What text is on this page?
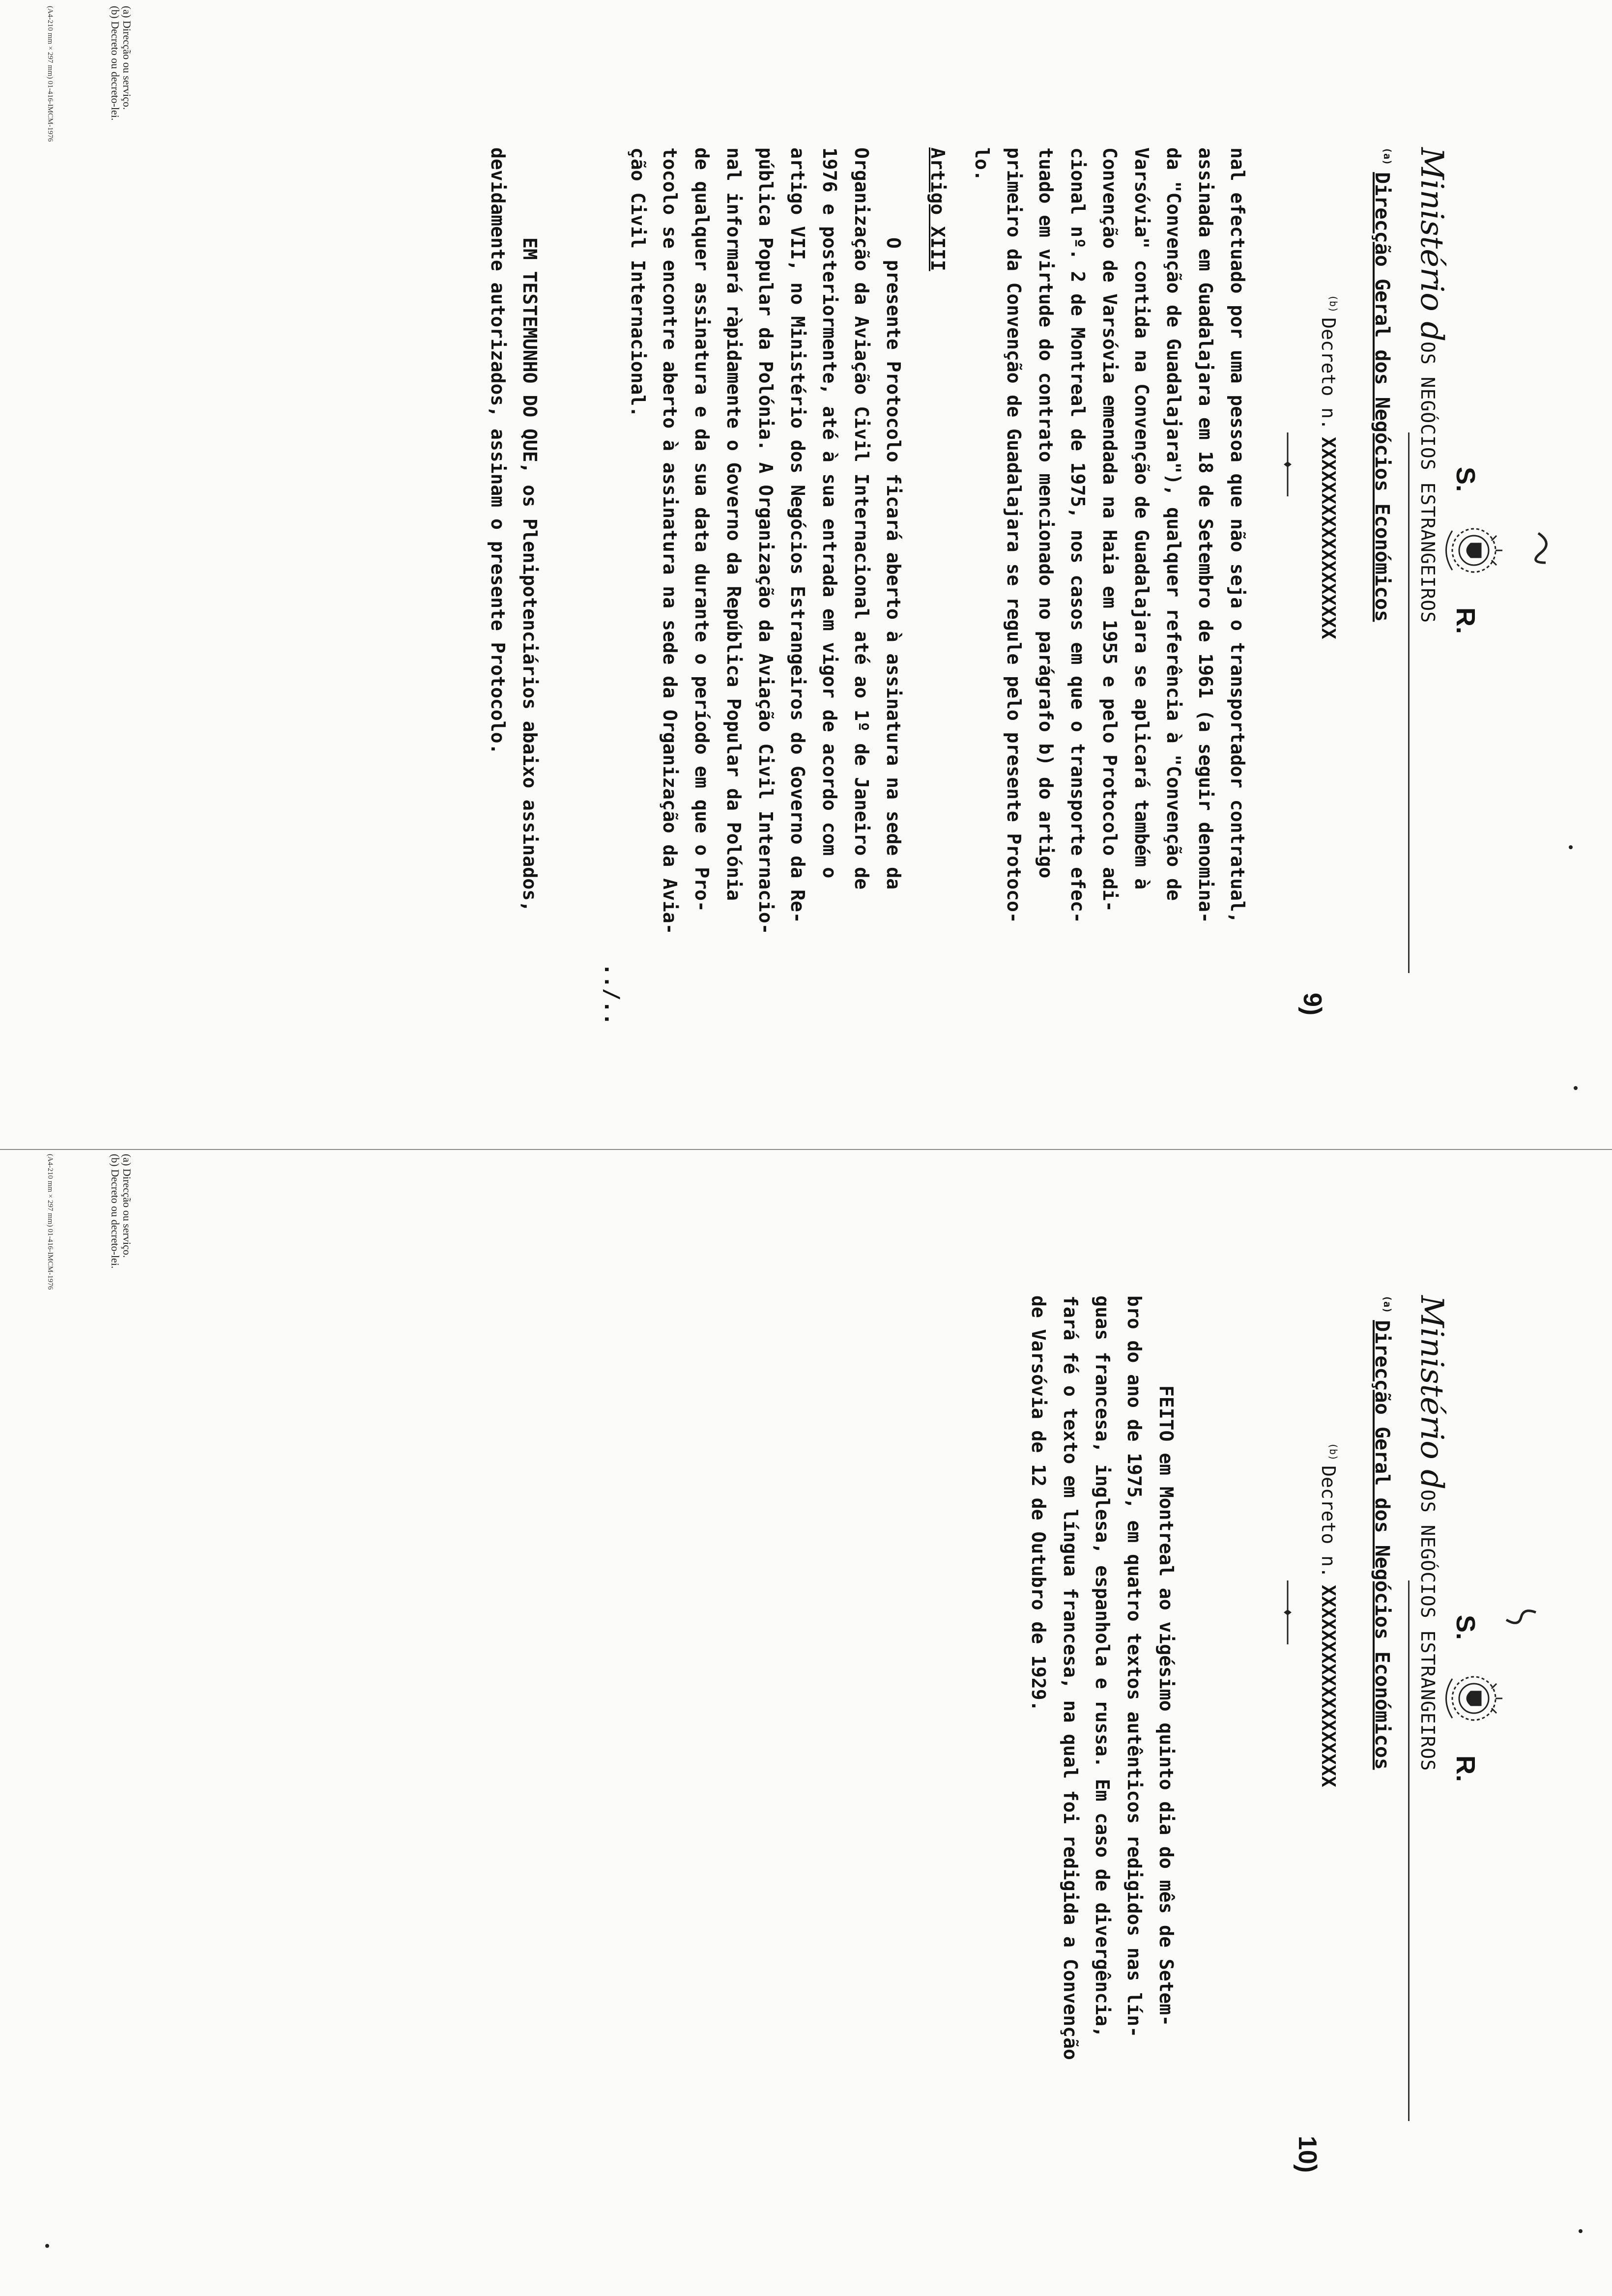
S.
R.
9)
Ministério dOS NEGÓCIOS ESTRANGEIROS
$^{(a)}$Direcção Geral dos Negócios Económicos
$^{(b)}$Decreto n.XXXXXXXXXXXXXXXXXX
nal efectuado por uma pessoa que não seja o transportador contratual,
assinada em Guadalajara em 18 de Setembro de 1961 (a seguir denomina-
da "Convenção de Guadalajara"), qualquer referência à "Convenção de
Varsóvia" contida na Convenção de Guadalajara se aplicará também à
Convenção de Varsóvia emendada na Haia em 1955 e pelo Protocolo adi-
cional nº. 2 de Montreal de 1975, nos casos em que o transporte efec-
tuado em virtude do contrato mencionado no parágrafo b) do artigo
primeiro da Convenção de Guadalajara se regule pelo presente Protoco-
lo.
Artigo XIII
O presente Protocolo ficará aberto à assinatura na sede da
Organização da Aviação Civil Internacional até ao 1º de Janeiro de
1976 e posteriormente, até à sua entrada em vigor de acordo com o
artigo VII, no Ministério dos Negócios Estrangeiros do Governo da Re-
pública Popular da Polónia. A Organização da Aviação Civil Internacio-
nal informará ràpidamente o Governo da República Popular da Polónia
de qualquer assinatura e da sua data durante o período em que o Pro-
tocolo se encontre aberto à assinatura na sede da Organização da Avia-
ção Civil Internacional.
EM TESTEMUNHO DO QUE, os Plenipotenciários abaixo assinados,
devidamente autorizados, assinam o presente Protocolo.
../..
(a) Direcção ou serviço.
(b) Decreto ou decreto-lei.
(A4-210 mm × 297 mm) 01-416-IMCM-1976
S.
R.
10)
Ministério dOS NEGÓCIOS ESTRANGEIROS
$^{(a)}$Direcção Geral dos Negócios Económicos
$^{(b)}$Decreto n.XXXXXXXXXXXXXXXXXX
FEITO em Montreal ao vigésimo quinto dia do mês de Setem-
bro do ano de 1975, em quatro textos autênticos redigidos nas lín-
guas francesa, inglesa, espanhola e russa. Em caso de divergência,
fará fé o texto em língua francesa, na qual foi redigida a Convenção
de Varsóvia de 12 de Outubro de 1929.
(a) Direcção ou serviço.
(b) Decreto ou decreto-lei.
(A4-210 mm × 297 mm) 01-416-IMCM-1976
